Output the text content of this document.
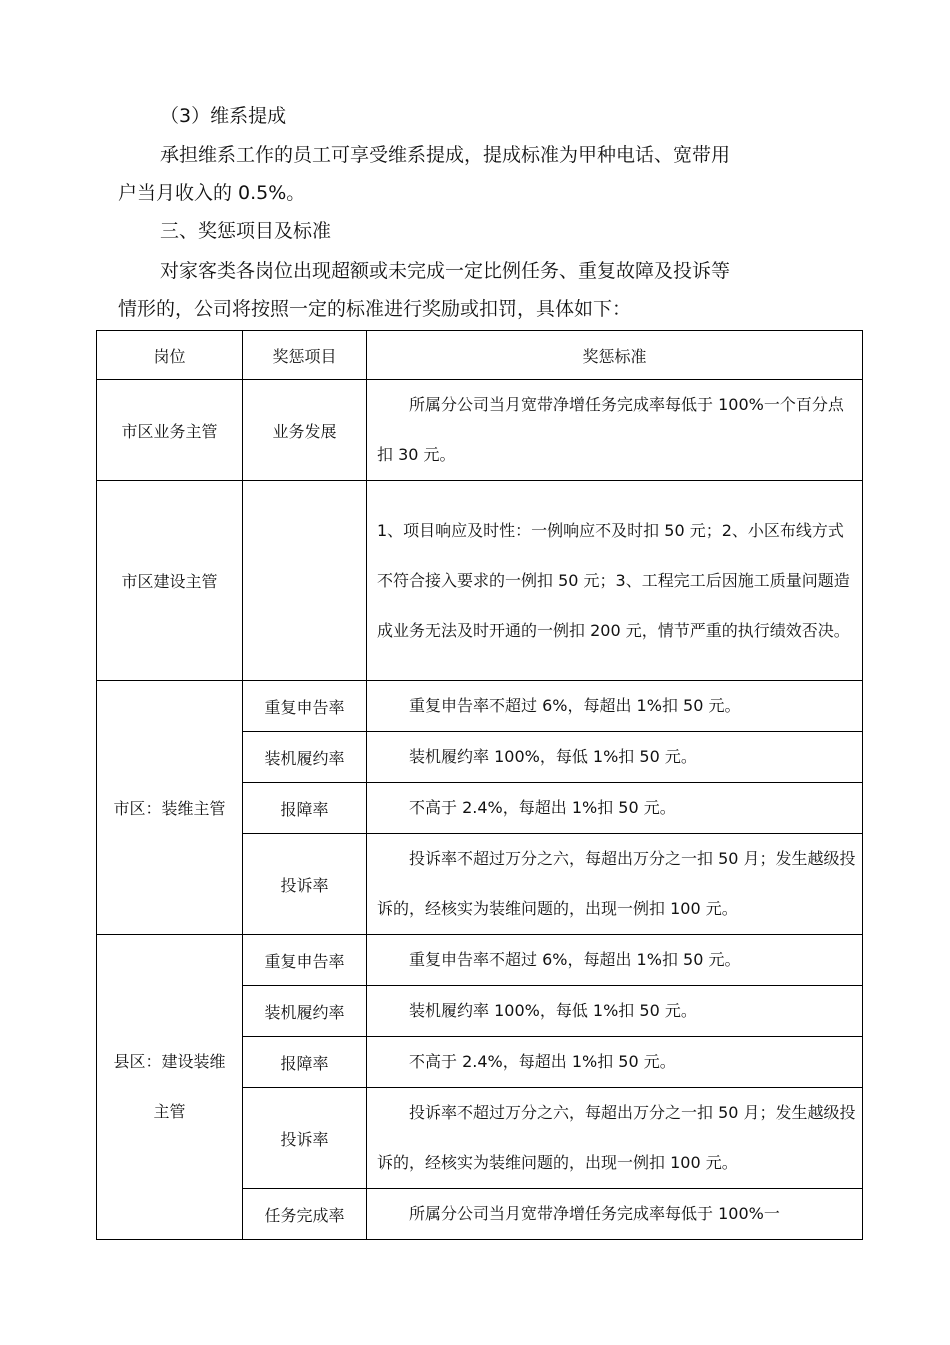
（3）维系提成
承担维系工作的员工可享受维系提成，提成标准为甲种电话、宽带用
户当月收入的 0.5%。
三、奖惩项目及标准
对家客类各岗位出现超额或未完成一定比例任务、重复故障及投诉等
情形的，公司将按照一定的标准进行奖励或扣罚，具体如下：
岗位	奖惩项目	奖惩标准
市区业务主管	业务发展	所属分公司当月宽带净增任务完成率每低于 100%一个百分点扣 30 元。
市区建设主管		1、项目响应及时性：一例响应不及时扣 50 元；2、小区布线方式不符合接入要求的一例扣 50 元；3、工程完工后因施工质量问题造成业务无法及时开通的一例扣 200 元，情节严重的执行绩效否决。
市区：装维主管	重复申告率	重复申告率不超过 6%，每超出 1%扣 50 元。
	装机履约率	装机履约率 100%，每低 1%扣 50 元。
	报障率	不高于 2.4%，每超出 1%扣 50 元。
	投诉率	投诉率不超过万分之六，每超出万分之一扣 50 月；发生越级投诉的，经核实为装维问题的，出现一例扣 100 元。

县区：建设装维
主管	重复申告率	重复申告率不超过 6%，每超出 1%扣 50 元。
	装机履约率	装机履约率 100%，每低 1%扣 50 元。
	报障率	不高于 2.4%，每超出 1%扣 50 元。
	投诉率	投诉率不超过万分之六，每超出万分之一扣 50 月；发生越级投诉的，经核实为装维问题的，出现一例扣 100 元。
	任务完成率	所属分公司当月宽带净增任务完成率每低于 100%一
